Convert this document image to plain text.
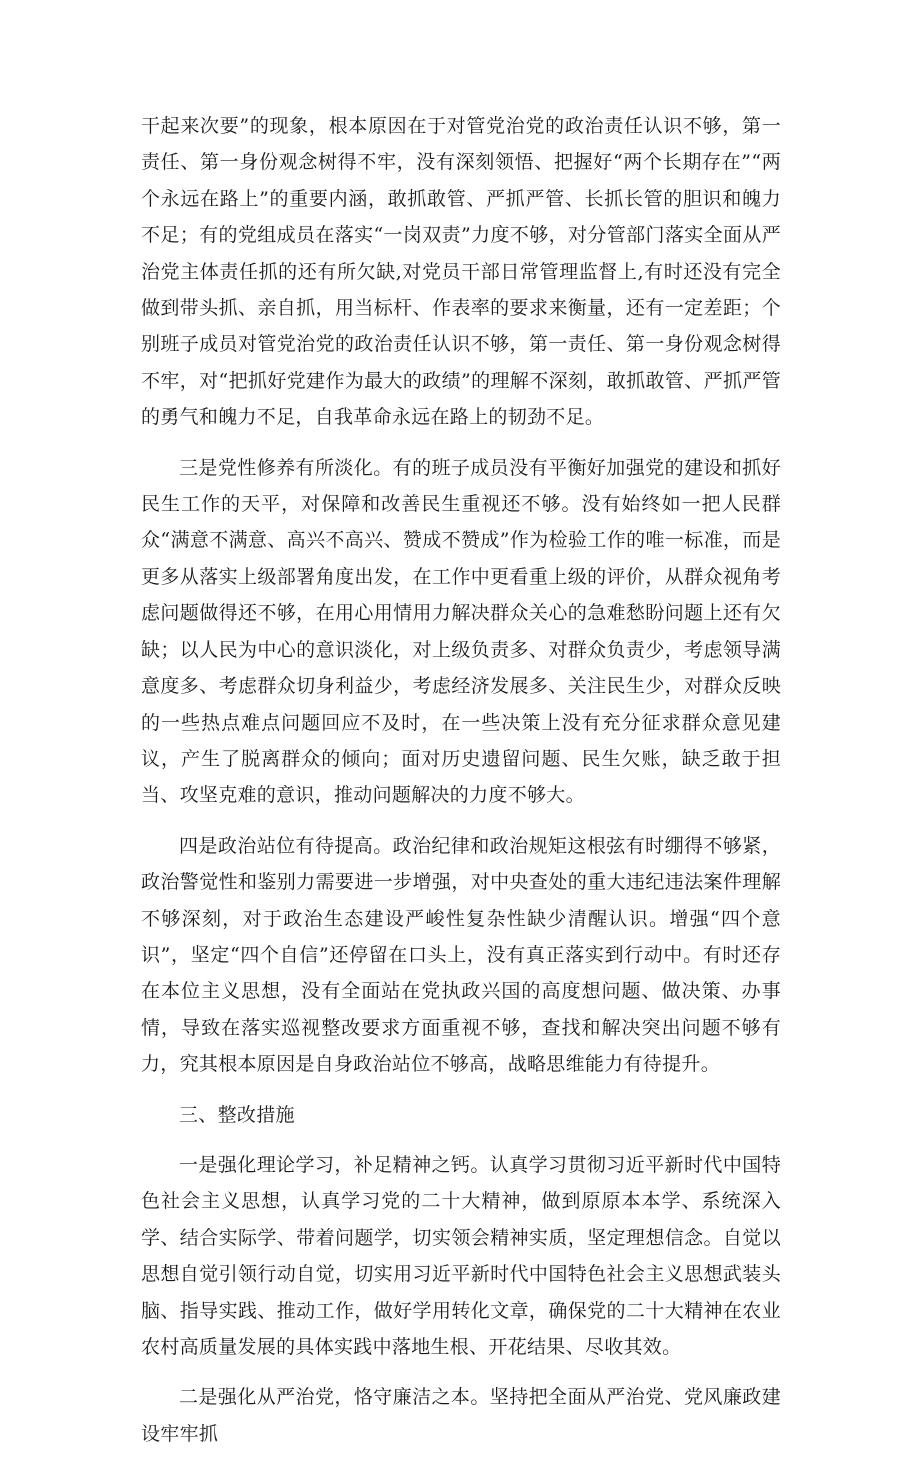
干起来次要”的现象，根本原因在于对管党治党的政治责任认识不够，第一责任、第一身份观念树得不牢，没有深刻领悟、把握好“两个长期存在”“两个永远在路上”的重要内涵，敢抓敢管、严抓严管、长抓长管的胆识和魄力不足；有的党组成员在落实“一岗双责”力度不够，对分管部门落实全面从严治党主体责任抓的还有所欠缺,对党员干部日常管理监督上,有时还没有完全做到带头抓、亲自抓，用当标杆、作表率的要求来衡量，还有一定差距；个别班子成员对管党治党的政治责任认识不够，第一责任、第一身份观念树得不牢，对“把抓好党建作为最大的政绩”的理解不深刻，敢抓敢管、严抓严管的勇气和魄力不足，自我革命永远在路上的韧劲不足。

三是党性修养有所淡化。有的班子成员没有平衡好加强党的建设和抓好民生工作的天平，对保障和改善民生重视还不够。没有始终如一把人民群众“满意不满意、高兴不高兴、赞成不赞成”作为检验工作的唯一标准，而是更多从落实上级部署角度出发，在工作中更看重上级的评价，从群众视角考虑问题做得还不够，在用心用情用力解决群众关心的急难愁盼问题上还有欠缺；以人民为中心的意识淡化，对上级负责多、对群众负责少，考虑领导满意度多、考虑群众切身利益少，考虑经济发展多、关注民生少，对群众反映的一些热点难点问题回应不及时，在一些决策上没有充分征求群众意见建议，产生了脱离群众的倾向；面对历史遗留问题、民生欠账，缺乏敢于担当、攻坚克难的意识，推动问题解决的力度不够大。

四是政治站位有待提高。政治纪律和政治规矩这根弦有时绷得不够紧，政治警觉性和鉴别力需要进一步增强，对中央查处的重大违纪违法案件理解不够深刻，对于政治生态建设严峻性复杂性缺少清醒认识。增强“四个意识”，坚定“四个自信”还停留在口头上，没有真正落实到行动中。有时还存在本位主义思想，没有全面站在党执政兴国的高度想问题、做决策、办事情，导致在落实巡视整改要求方面重视不够，查找和解决突出问题不够有力，究其根本原因是自身政治站位不够高，战略思维能力有待提升。

三、整改措施

一是强化理论学习，补足精神之钙。认真学习贯彻习近平新时代中国特色社会主义思想，认真学习党的二十大精神，做到原原本本学、系统深入学、结合实际学、带着问题学，切实领会精神实质，坚定理想信念。自觉以思想自觉引领行动自觉，切实用习近平新时代中国特色社会主义思想武装头脑、指导实践、推动工作，做好学用转化文章，确保党的二十大精神在农业农村高质量发展的具体实践中落地生根、开花结果、尽收其效。

二是强化从严治党，恪守廉洁之本。坚持把全面从严治党、党风廉政建设牢牢抓
